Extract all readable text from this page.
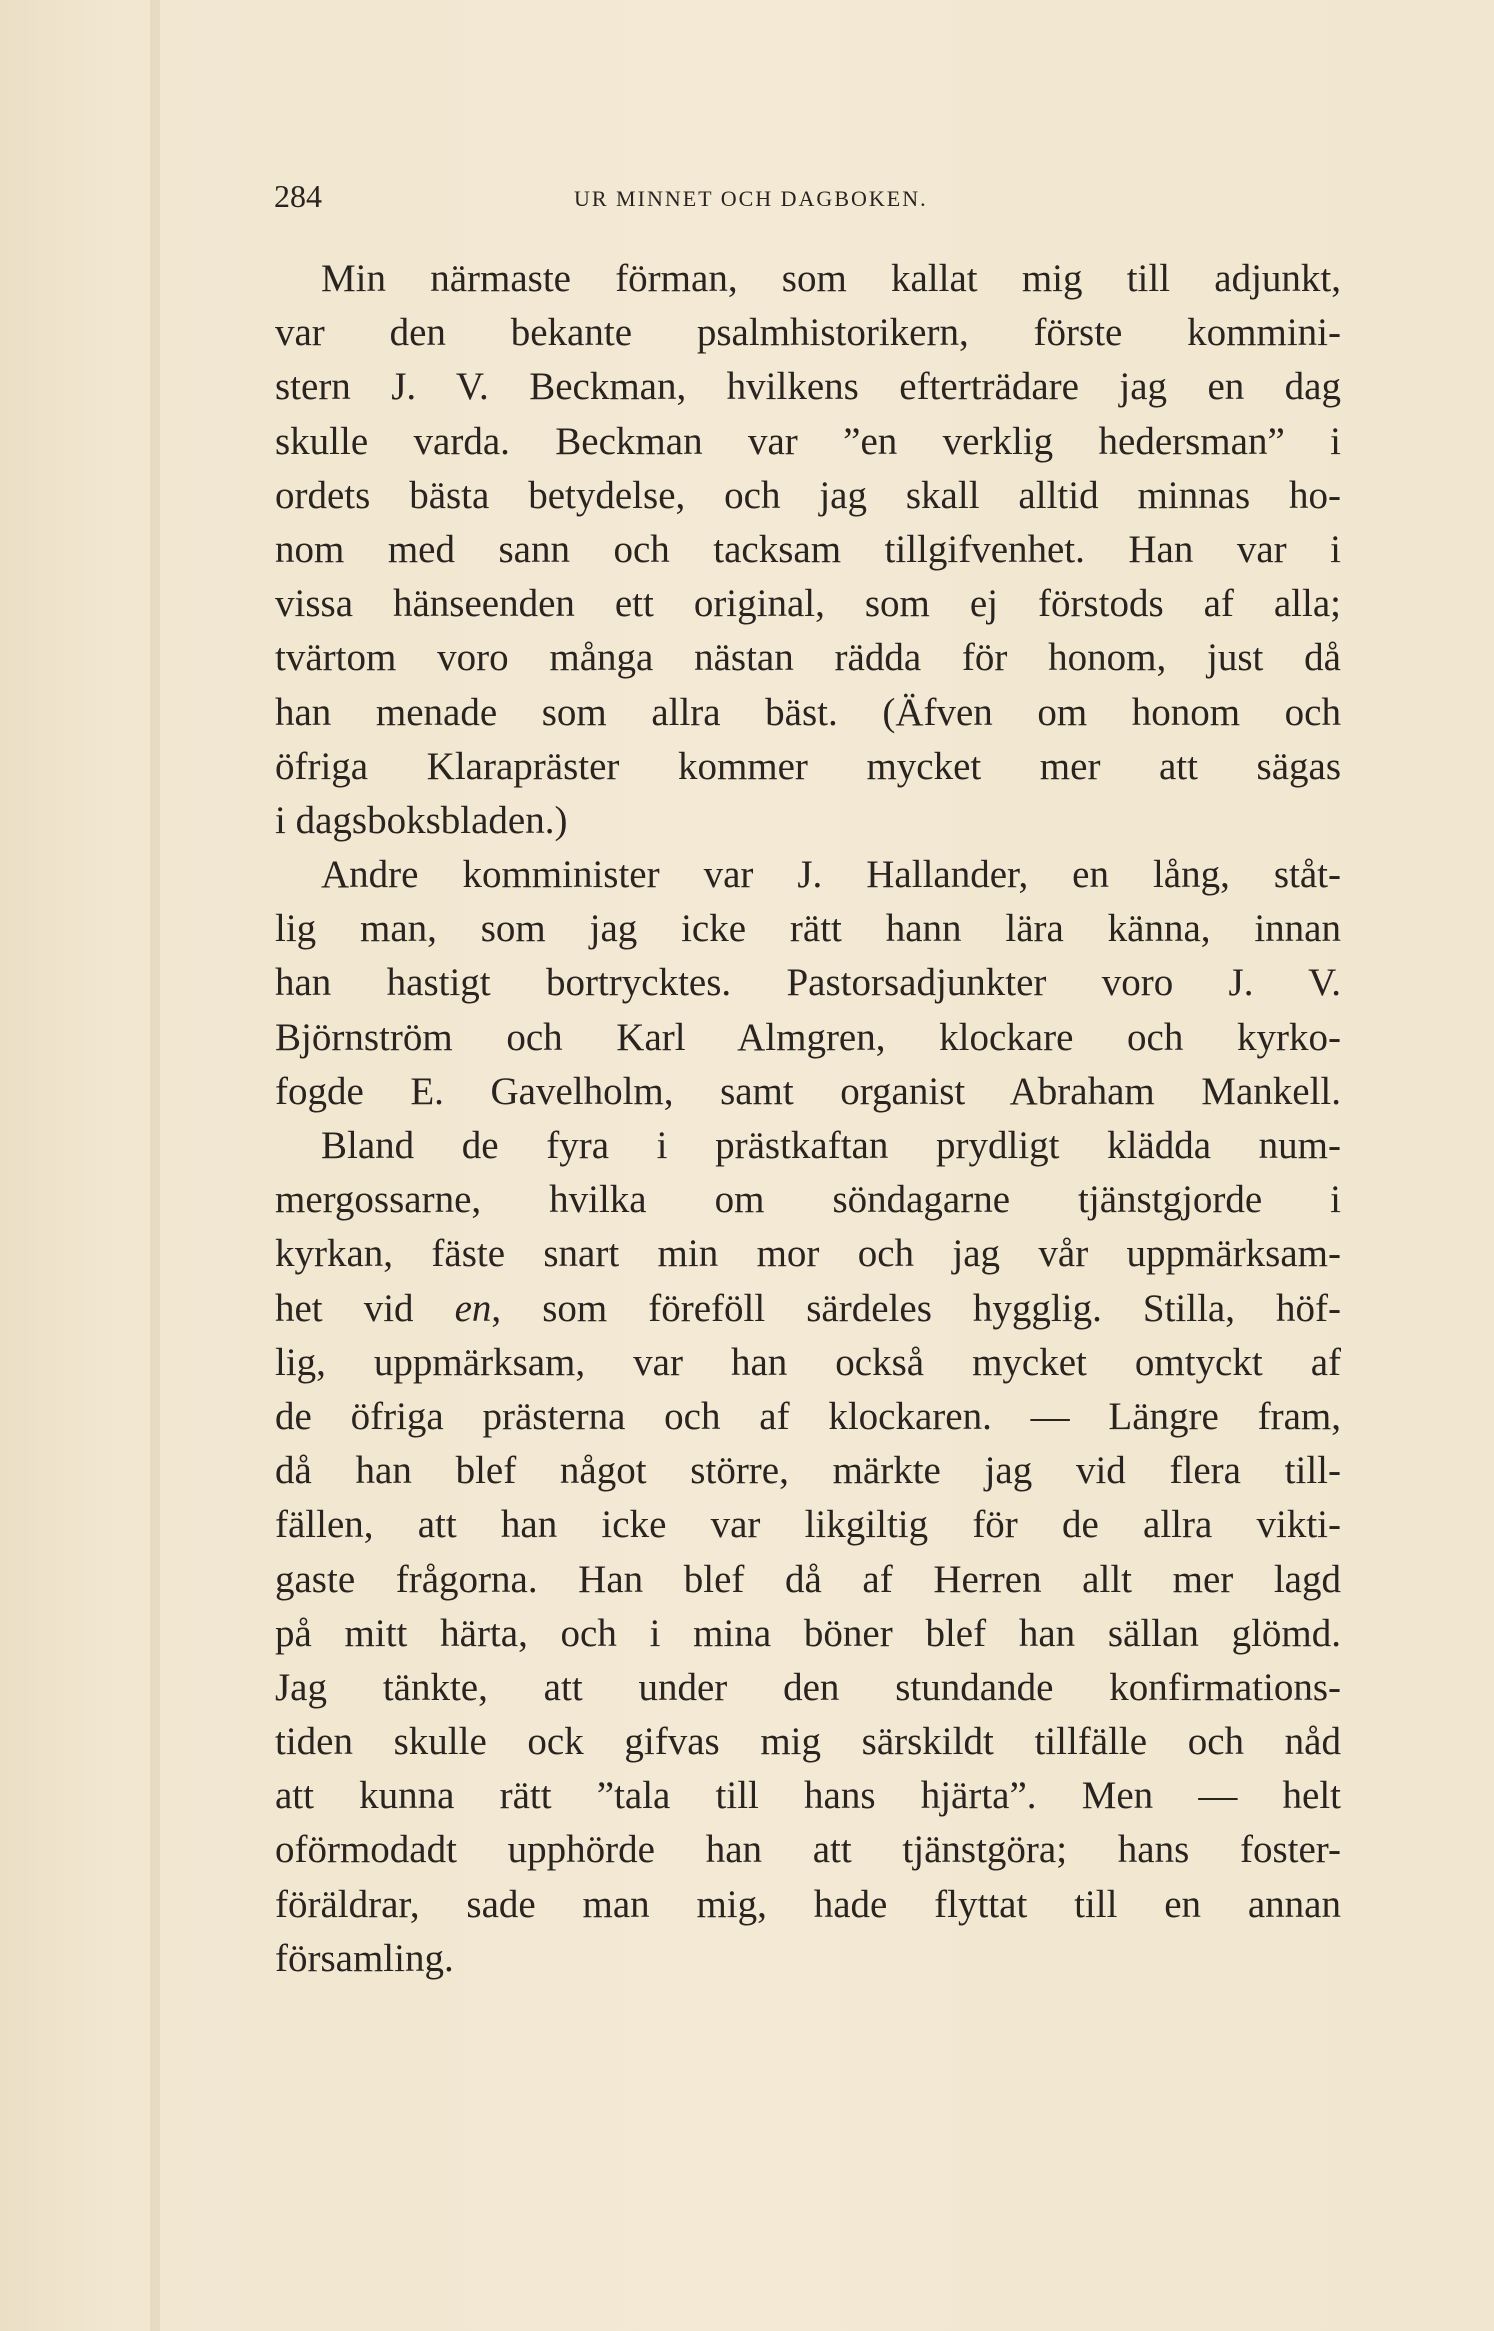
284	UR MINNET OCH DAGBOKEN.
Min närmaste förman, som kallat mig till adjunkt,
var den bekante psalmhistorikern, förste kommini-
stern J. V. Beckman, hvilkens efterträdare jag en dag
skulle varda. Beckman var ”en verklig hedersman” i
ordets bästa betydelse, och jag skall alltid minnas ho-
nom med sann och tacksam tillgifvenhet. Han var i
vissa hänseenden ett original, som ej förstods af alla;
tvärtom voro många nästan rädda för honom, just då
han menade som allra bäst. (Äfven om honom och
öfriga Klarapräster kommer mycket mer att sägas
i dagsboksbladen.)
Andre komminister var J. Hallander, en lång, ståt-
lig man, som jag icke rätt hann lära känna, innan
han hastigt bortrycktes. Pastorsadjunkter voro J. V.
Björnström och Karl Almgren, klockare och kyrko-
fogde E. Gavelholm, samt organist Abraham Mankell.
Bland de fyra i prästkaftan prydligt klädda num-
mergossarne, hvilka om söndagarne tjänstgjorde i
kyrkan, fäste snart min mor och jag vår uppmärksam-
het vid en, som föreföll särdeles hygglig. Stilla, höf-
lig, uppmärksam, var han också mycket omtyckt af
de öfriga prästerna och af klockaren. — Längre fram,
då han blef något större, märkte jag vid flera till-
fällen, att han icke var likgiltig för de allra vikti-
gaste frågorna. Han blef då af Herren allt mer lagd
på mitt härta, och i mina böner blef han sällan glömd.
Jag tänkte, att under den stundande konfirmations-
tiden skulle ock gifvas mig särskildt tillfälle och nåd
att kunna rätt ”tala till hans hjärta”. Men — helt
oförmodadt upphörde han att tjänstgöra; hans foster-
föräldrar, sade man mig, hade flyttat till en annan
församling.
